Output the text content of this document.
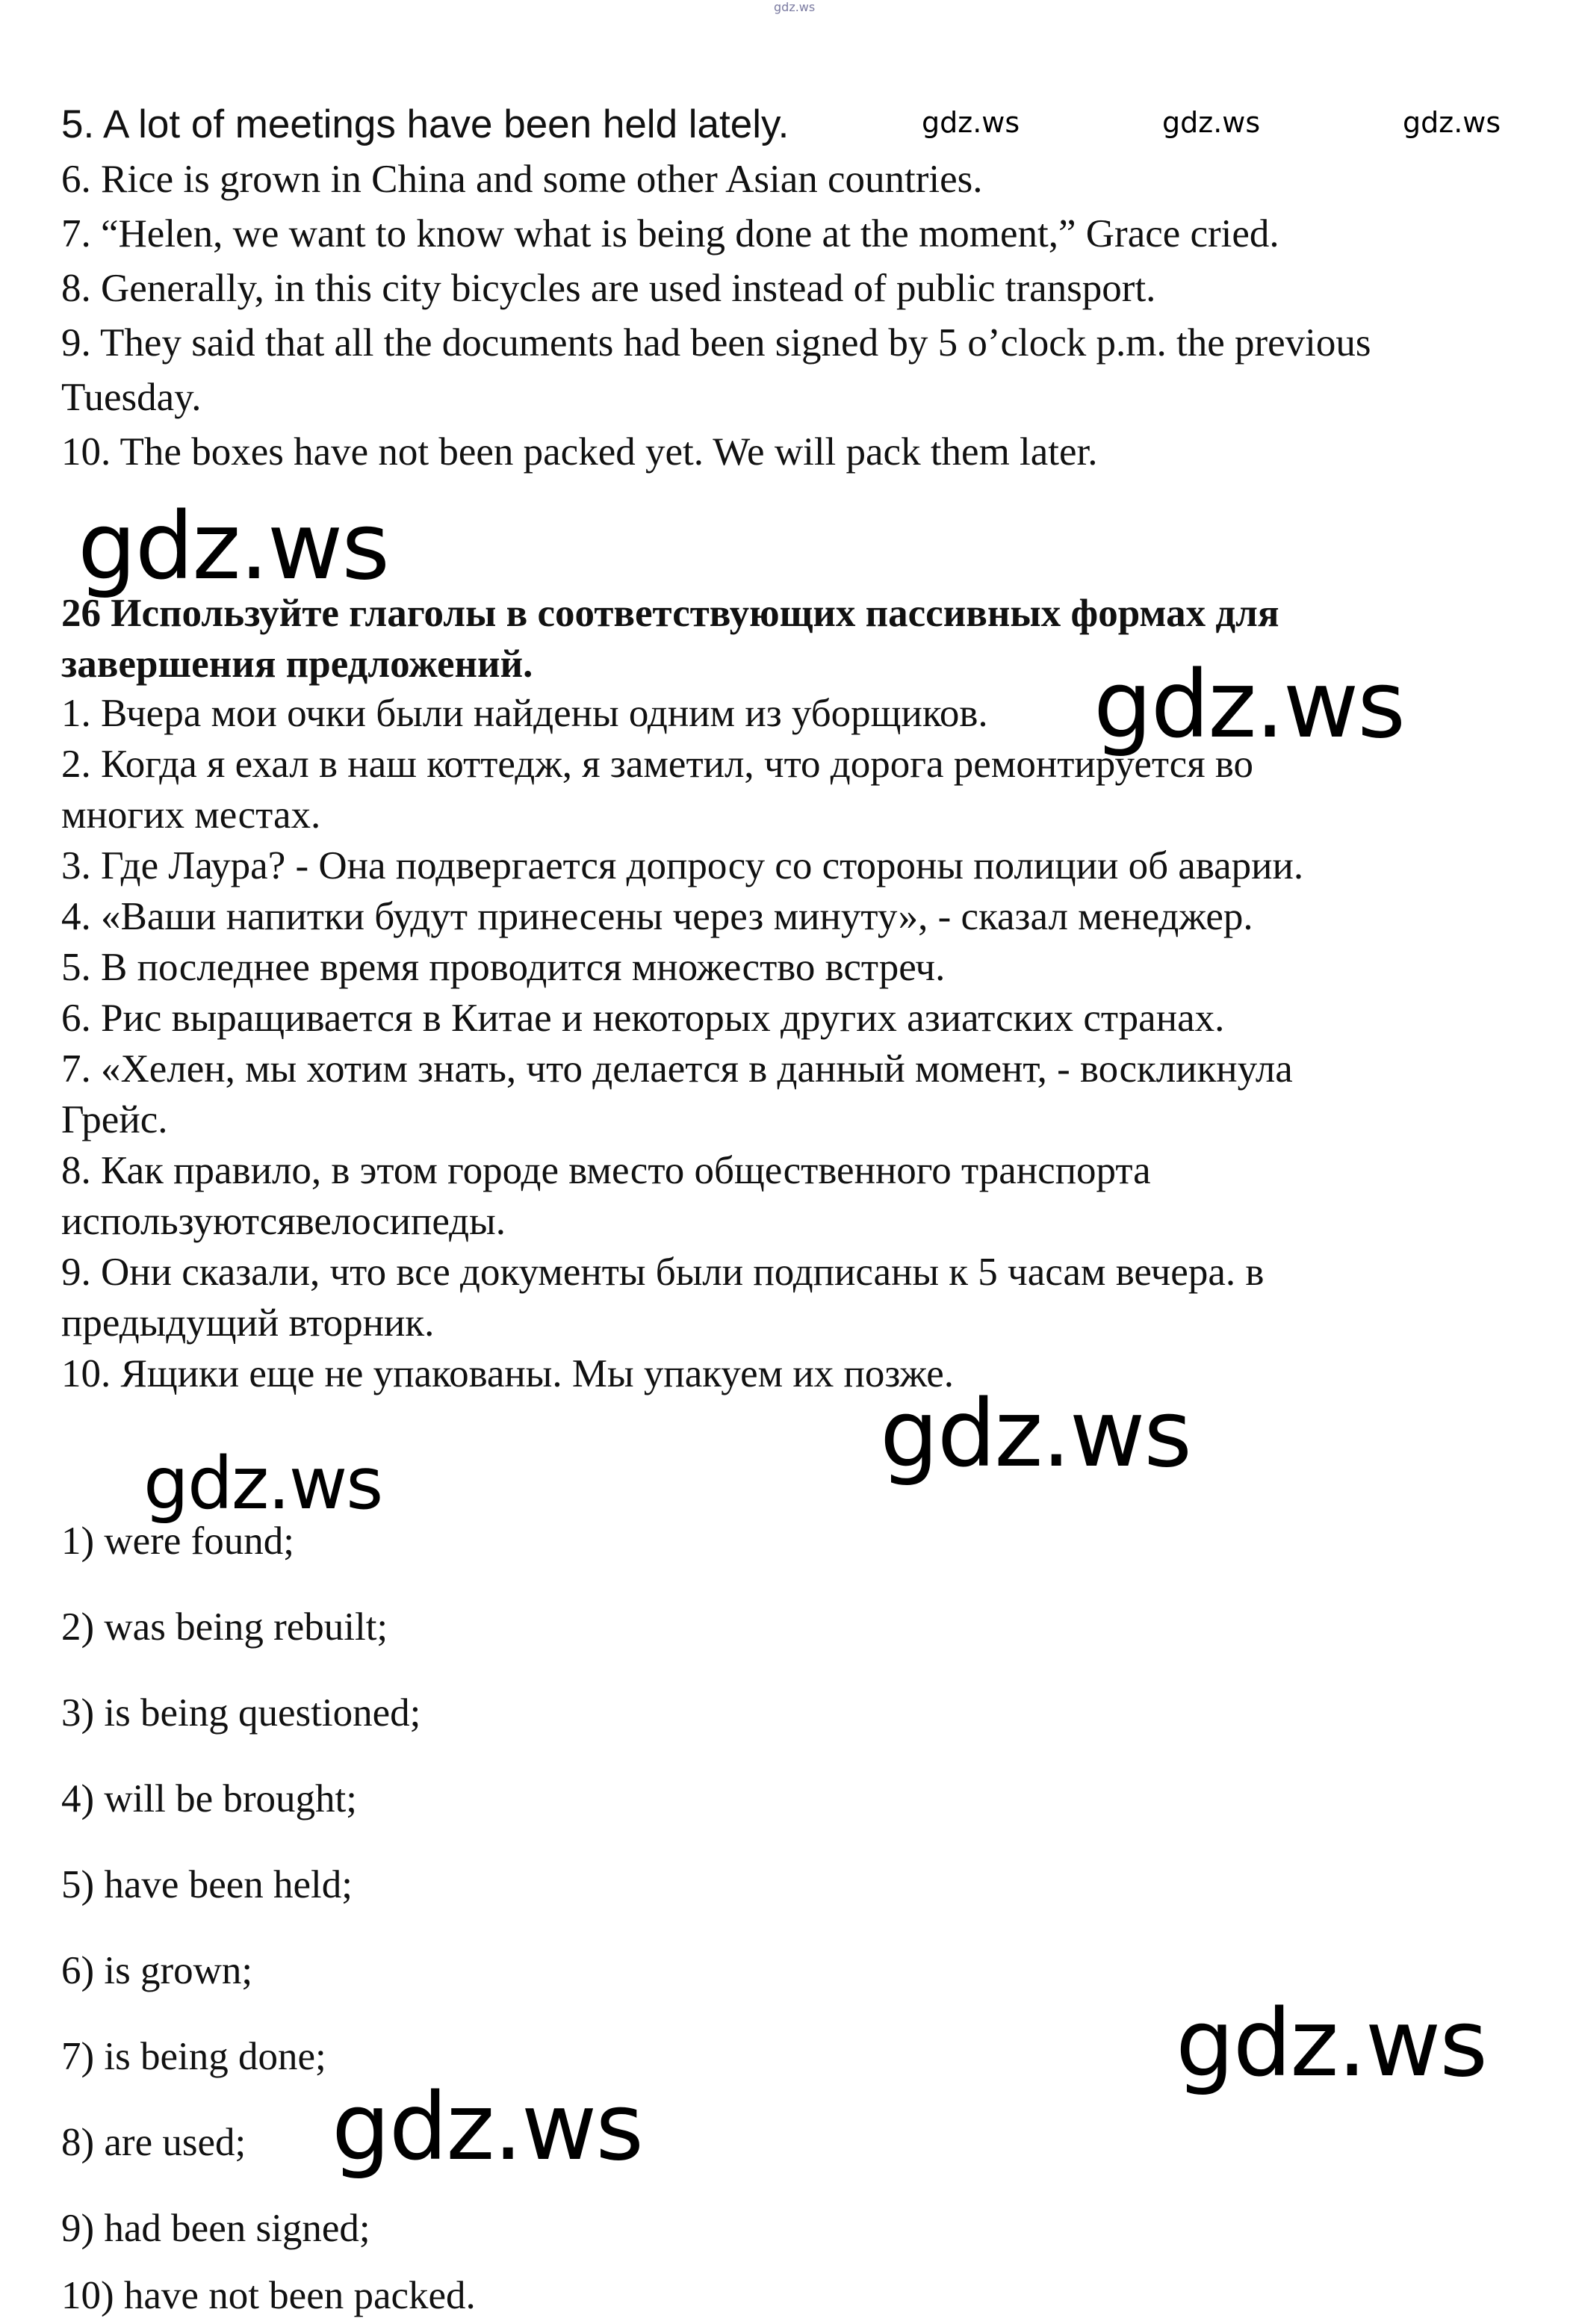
gdz.ws
5. A lot of meetings have been held lately.
6. Rice is grown in China and some other Asian countries.
7. “Helen, we want to know what is being done at the moment,” Grace cried.
8. Generally, in this city bicycles are used instead of public transport.
9. They said that all the documents had been signed by 5 o’clock p.m. the previous
Tuesday.
10. The boxes have not been packed yet. We will pack them later.
gdz.ws	gdz.ws	gdz.ws
gdz.ws
26 Используйте глаголы в соответствующих пассивных формах для
завершения предложений.
1. Вчера мои очки были найдены одним из уборщиков.
2. Когда я ехал в наш коттедж, я заметил, что дорога ремонтируется во
многих местах.
3. Где Лаура? - Она подвергается допросу со стороны полиции об аварии.
4. «Ваши напитки будут принесены через минуту», - сказал менеджер.
5. В последнее время проводится множество встреч.
6. Рис выращивается в Китае и некоторых других азиатских странах.
7. «Хелен, мы хотим знать, что делается в данный момент, - воскликнула
Грейс.
8. Как правило, в этом городе вместо общественного транспорта
используютсявелосипеды.
9. Они сказали, что все документы были подписаны к 5 часам вечера. в
предыдущий вторник.
10. Ящики еще не упакованы. Мы упакуем их позже.
gdz.ws
gdz.ws
gdz.ws
1) were found;
2) was being rebuilt;
3) is being questioned;
4) will be brought;
5) have been held;
6) is grown;
7) is being done;
8) are used;
9) had been signed;
10) have not been packed.
gdz.ws
gdz.ws
